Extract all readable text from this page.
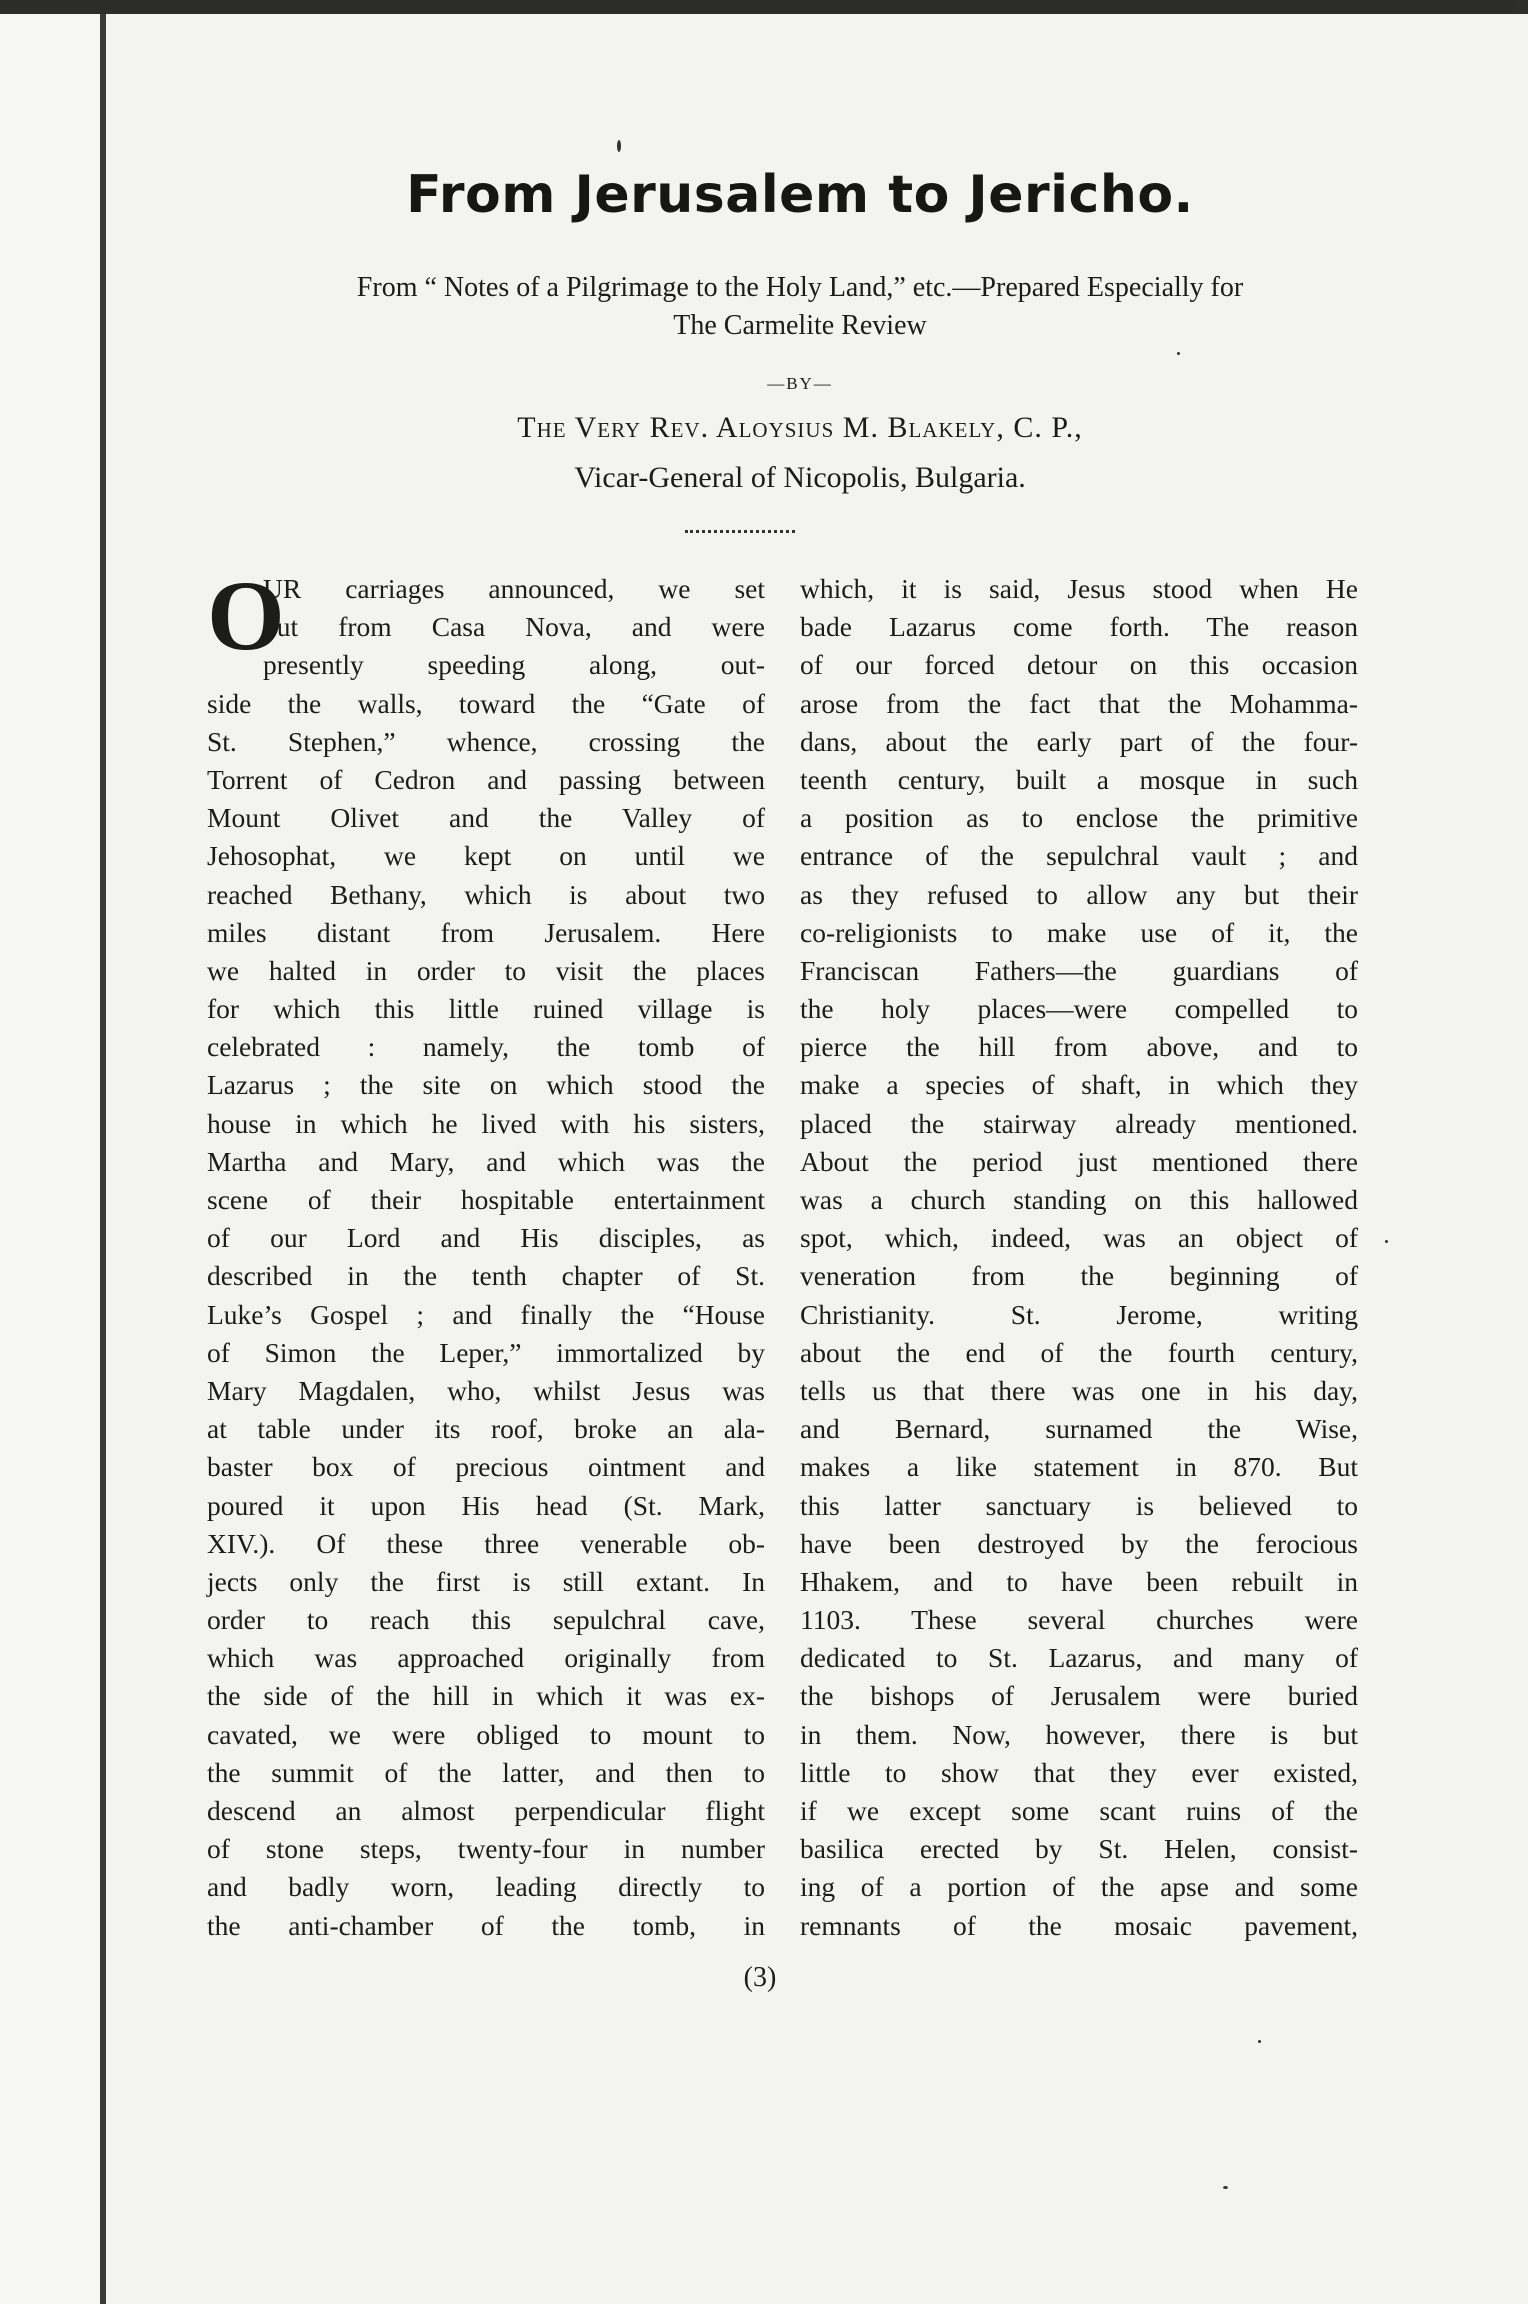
From Jerusalem to Jericho.
From “ Notes of a Pilgrimage to the Holy Land,” etc.—Prepared Especially for
The Carmelite Review
—BY—
The Very Rev. Aloysius M. Blakely, C. P.,
Vicar-General of Nicopolis, Bulgaria.
O
UR carriages announced, we set
out from Casa Nova, and were
presently speeding along, out-
side the walls, toward the “Gate of
St. Stephen,” whence, crossing the
Torrent of Cedron and passing between
Mount Olivet and the Valley of
Jehosophat, we kept on until we
reached Bethany, which is about two
miles distant from Jerusalem. Here
we halted in order to visit the places
for which this little ruined village is
celebrated : namely, the tomb of
Lazarus ; the site on which stood the
house in which he lived with his sisters,
Martha and Mary, and which was the
scene of their hospitable entertainment
of our Lord and His disciples, as
described in the tenth chapter of St.
Luke’s Gospel ; and finally the “House
of Simon the Leper,” immortalized by
Mary Magdalen, who, whilst Jesus was
at table under its roof, broke an ala-
baster box of precious ointment and
poured it upon His head (St. Mark,
XIV.). Of these three venerable ob-
jects only the first is still extant. In
order to reach this sepulchral cave,
which was approached originally from
the side of the hill in which it was ex-
cavated, we were obliged to mount to
the summit of the latter, and then to
descend an almost perpendicular flight
of stone steps, twenty-four in number
and badly worn, leading directly to
the anti-chamber of the tomb, in
which, it is said, Jesus stood when He
bade Lazarus come forth. The reason
of our forced detour on this occasion
arose from the fact that the Mohamma-
dans, about the early part of the four-
teenth century, built a mosque in such
a position as to enclose the primitive
entrance of the sepulchral vault ; and
as they refused to allow any but their
co-religionists to make use of it, the
Franciscan Fathers—the guardians of
the holy places—were compelled to
pierce the hill from above, and to
make a species of shaft, in which they
placed the stairway already mentioned.
About the period just mentioned there
was a church standing on this hallowed
spot, which, indeed, was an object of
veneration from the beginning of
Christianity. St. Jerome, writing
about the end of the fourth century,
tells us that there was one in his day,
and Bernard, surnamed the Wise,
makes a like statement in 870. But
this latter sanctuary is believed to
have been destroyed by the ferocious
Hhakem, and to have been rebuilt in
1103. These several churches were
dedicated to St. Lazarus, and many of
the bishops of Jerusalem were buried
in them. Now, however, there is but
little to show that they ever existed,
if we except some scant ruins of the
basilica erected by St. Helen, consist-
ing of a portion of the apse and some
remnants of the mosaic pavement,
(3)
